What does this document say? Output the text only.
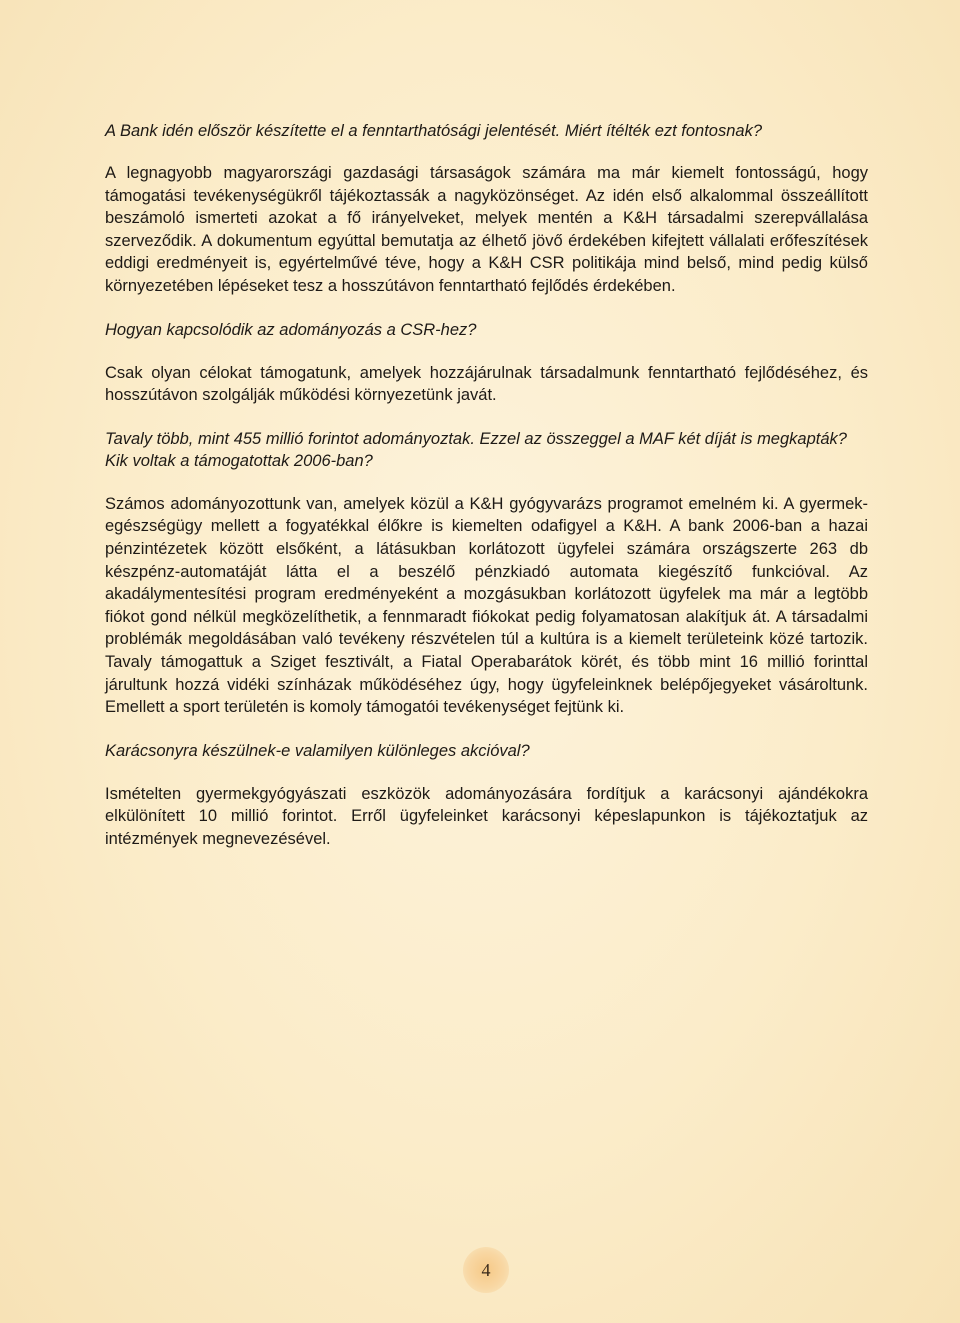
A Bank idén először készítette el a fenntarthatósági jelentését. Miért ítélték ezt fontosnak?

A legnagyobb magyarországi gazdasági társaságok számára ma már kiemelt fontosságú, hogy támogatási tevékenységükről tájékoztassák a nagyközönséget. Az idén első alkalommal összeállított beszámoló ismerteti azokat a fő irányelveket, melyek mentén a K&H társadalmi szerepvállalása szerveződik. A dokumentum egyúttal bemutatja az élhető jövő érdekében kifejtett vállalati erőfeszítések eddigi eredményeit is, egyértelművé téve, hogy a K&H CSR politikája mind belső, mind pedig külső környezetében lépéseket tesz a hosszútávon fenntartható fejlődés érdekében.

Hogyan kapcsolódik az adományozás a CSR-hez?

Csak olyan célokat támogatunk, amelyek hozzájárulnak társadalmunk fenntartható fejlődéséhez, és hosszútávon szolgálják működési környezetünk javát.

Tavaly több, mint 455 millió forintot adományoztak. Ezzel az összeggel a MAF két díját is megkapták? Kik voltak a támogatottak 2006-ban?

Számos adományozottunk van, amelyek közül a K&H gyógyvarázs programot emelném ki. A gyermek-egészségügy mellett a fogyatékkal élőkre is kiemelten odafigyel a K&H. A bank 2006-ban a hazai pénzintézetek között elsőként, a látásukban korlátozott ügyfelei számára országszerte 263 db készpénz-automatáját látta el a beszélő pénzkiadó automata kiegészítő funkcióval. Az akadálymentesítési program eredményeként a mozgásukban korlátozott ügyfelek ma már a legtöbb fiókot gond nélkül megközelíthetik, a fennmaradt fiókokat pedig folyamatosan alakítjuk át. A társadalmi problémák megoldásában való tevékeny részvételen túl a kultúra is a kiemelt területeink közé tartozik. Tavaly támogattuk a Sziget fesztivált, a Fiatal Operabarátok körét, és több mint 16 millió forinttal járultunk hozzá vidéki színházak működéséhez úgy, hogy ügyfeleinknek belépőjegyeket vásároltunk. Emellett a sport területén is komoly támogatói tevékenységet fejtünk ki.

Karácsonyra készülnek-e valamilyen különleges akcióval?

Ismételten gyermekgyógyászati eszközök adományozására fordítjuk a karácsonyi ajándékokra elkülönített 10 millió forintot. Erről ügyfeleinket karácsonyi képeslapunkon is tájékoztatjuk az intézmények megnevezésével.

4
